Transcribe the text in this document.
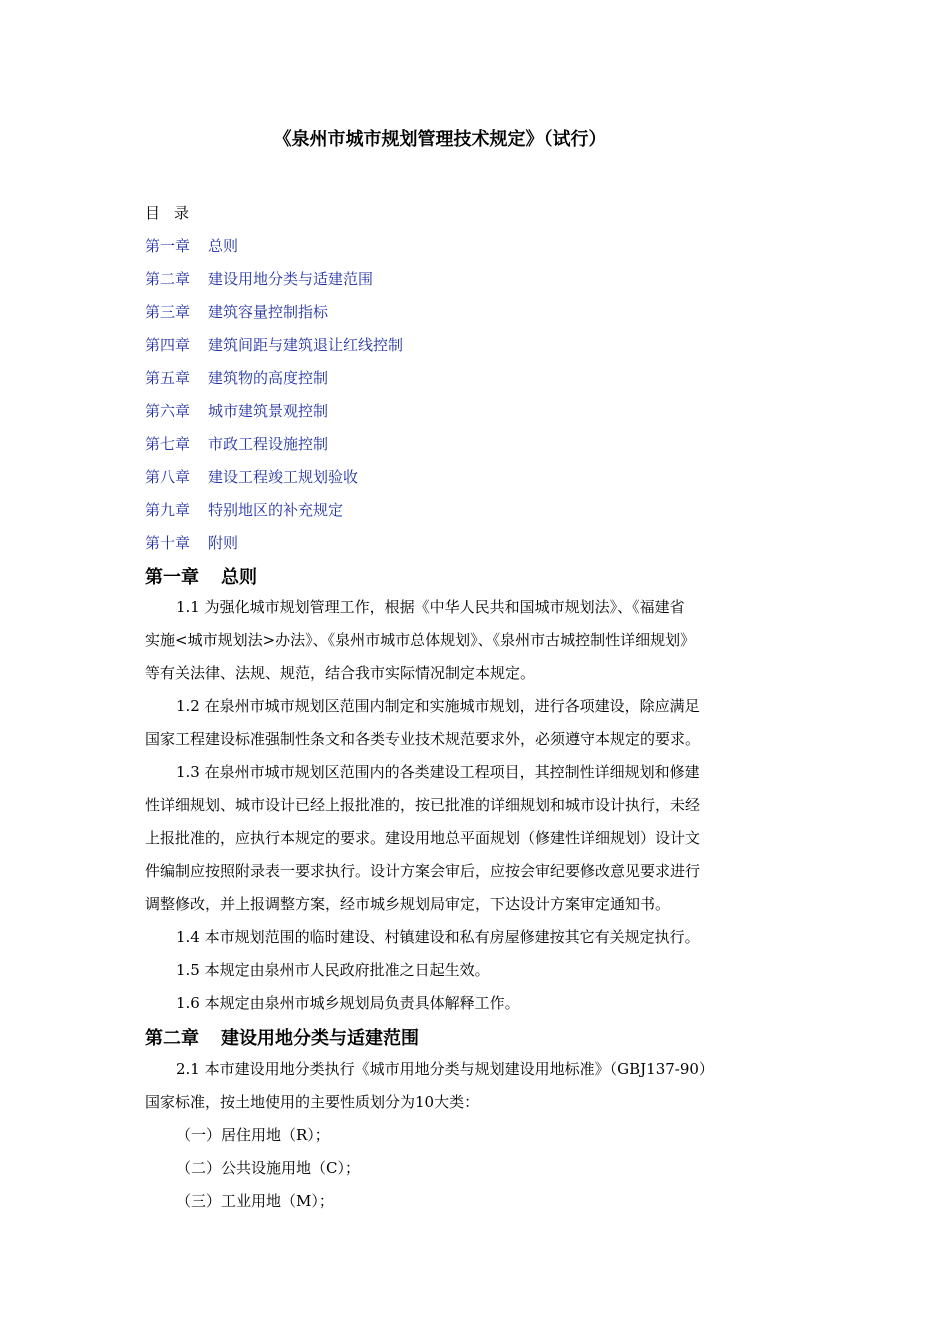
《泉州市城市规划管理技术规定》（试行）
目录
第一章 总则
第二章 建设用地分类与适建范围
第三章 建筑容量控制指标
第四章 建筑间距与建筑退让红线控制
第五章 建筑物的高度控制
第六章 城市建筑景观控制
第七章 市政工程设施控制
第八章 建设工程竣工规划验收
第九章 特别地区的补充规定
第十章 附则
第一章 总则
1.1 为强化城市规划管理工作，根据《中华人民共和国城市规划法》、《福建省
实施<城市规划法>办法》、《泉州市城市总体规划》、《泉州市古城控制性详细规划》
等有关法律、法规、规范，结合我市实际情况制定本规定。
1.2 在泉州市城市规划区范围内制定和实施城市规划，进行各项建设，除应满足
国家工程建设标准强制性条文和各类专业技术规范要求外，必须遵守本规定的要求。
1.3 在泉州市城市规划区范围内的各类建设工程项目，其控制性详细规划和修建
性详细规划、城市设计已经上报批准的，按已批准的详细规划和城市设计执行，未经
上报批准的，应执行本规定的要求。建设用地总平面规划（修建性详细规划）设计文
件编制应按照附录表一要求执行。设计方案会审后，应按会审纪要修改意见要求进行
调整修改，并上报调整方案，经市城乡规划局审定，下达设计方案审定通知书。
1.4 本市规划范围的临时建设、村镇建设和私有房屋修建按其它有关规定执行。
1.5 本规定由泉州市人民政府批准之日起生效。
1.6 本规定由泉州市城乡规划局负责具体解释工作。
第二章 建设用地分类与适建范围
2.1 本市建设用地分类执行《城市用地分类与规划建设用地标准》（GBJ137-90）
国家标准，按土地使用的主要性质划分为10大类：
（一）居住用地（R）；
（二）公共设施用地（C）；
（三）工业用地（M）；
